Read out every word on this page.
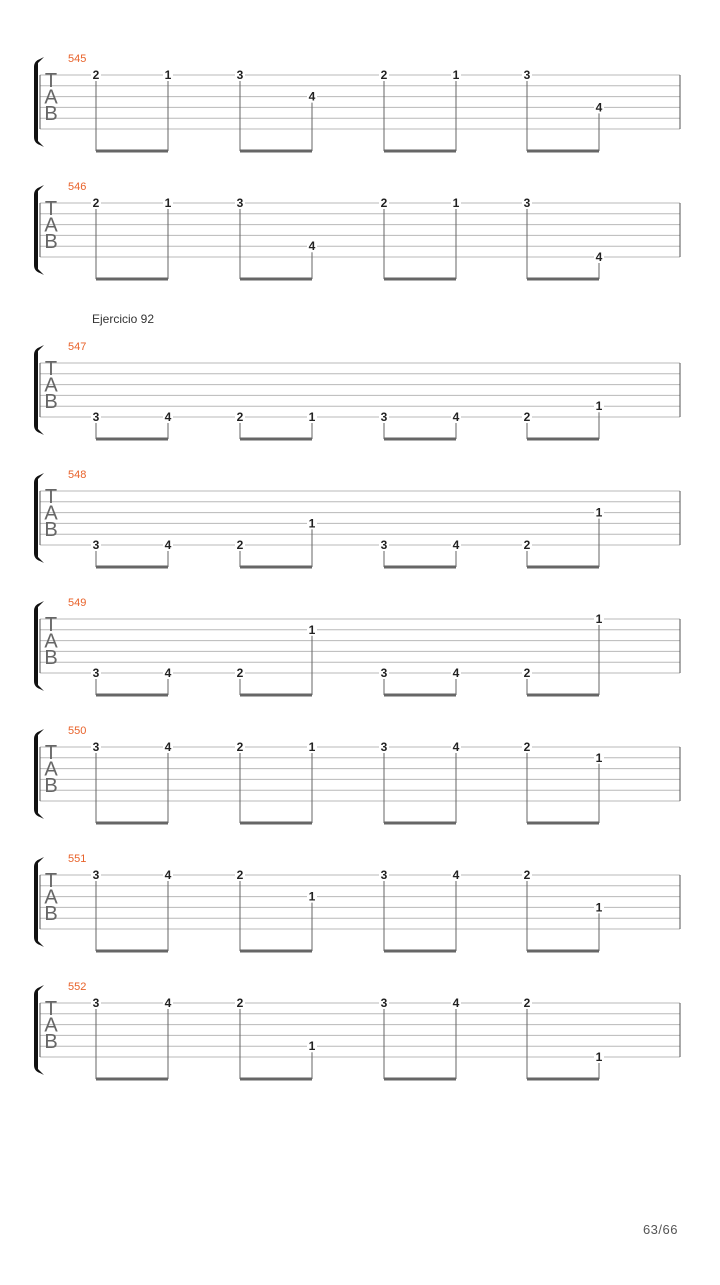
T
A
B
545
2	1	3
4
2	1	3
4
T
A
B
546
2	1	3
4
2	1	3
4
T
A
B
547
3	4	2	1	3	4	2
1
T
A
B
548
3	4	2
1
3	4	2
1
T
A
B
549
3	4	2
1
3	4	2
1
T
A
B
550
3	4	2	1	3	4	2
1
T
A
B
551
3	4	2
1
3	4	2
1
T
A
B
552
3	4	2
1
3	4	2
1
Ejercicio 92
63/66
